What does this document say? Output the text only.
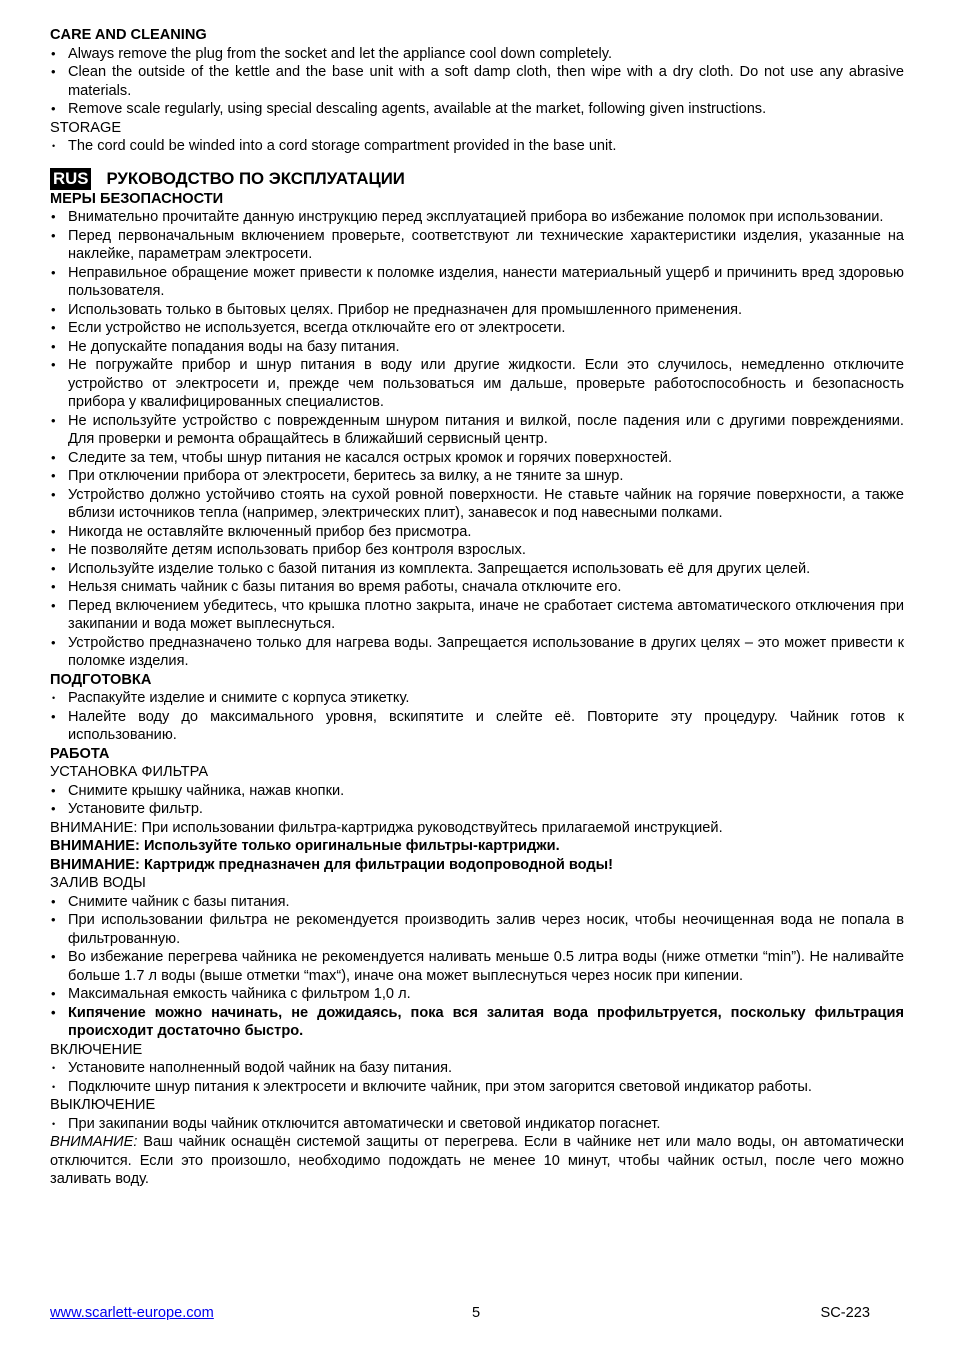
CARE AND CLEANING

• Always remove the plug from the socket and let the appliance cool down completely.
• Clean the outside of the kettle and the base unit with a soft damp cloth, then wipe with a dry cloth. Do not use any abrasive materials.
• Remove scale regularly, using special descaling agents, available at the market, following given instructions.

STORAGE

• The cord could be winded into a cord storage compartment provided in the base unit.
RUS РУКОВОДСТВО ПО ЭКСПЛУАТАЦИИ

МЕРЫ БЕЗОПАСНОСТИ

• Внимательно прочитайте данную инструкцию перед эксплуатацией прибора во избежание поломок при использовании.
• Перед первоначальным включением проверьте, соответствуют ли технические характеристики изделия, указанные на наклейке, параметрам электросети.
• Неправильное обращение может привести к поломке изделия, нанести материальный ущерб и причинить вред здоровью пользователя.
• Использовать только в бытовых целях. Прибор не предназначен для промышленного применения.
• Если устройство не используется, всегда отключайте его от электросети.
• Не допускайте попадания воды на базу питания.
• Не погружайте прибор и шнур питания в воду или другие жидкости. Если это случилось, немедленно отключите устройство от электросети и, прежде чем пользоваться им дальше, проверьте работоспособность и безопасность прибора у квалифицированных специалистов.
• Не используйте устройство с поврежденным шнуром питания и вилкой, после падения или с другими повреждениями. Для проверки и ремонта обращайтесь в ближайший сервисный центр.
• Следите за тем, чтобы шнур питания не касался острых кромок и горячих поверхностей.
• При отключении прибора от электросети, беритесь за вилку, а не тяните за шнур.
• Устройство должно устойчиво стоять на сухой ровной поверхности. Не ставьте чайник на горячие поверхности, а также вблизи источников тепла (например, электрических плит), занавесок и под навесными полками.
• Никогда не оставляйте включенный прибор без присмотра.
• Не позволяйте детям использовать прибор без контроля взрослых.
• Используйте изделие только с базой питания из комплекта. Запрещается использовать её для других целей.
• Нельзя снимать чайник с базы питания во время работы, сначала отключите его.
• Перед включением убедитесь, что крышка плотно закрыта, иначе не сработает система автоматического отключения при закипании и вода может выплеснуться.
• Устройство предназначено только для нагрева воды. Запрещается использование в других целях – это может привести к поломке изделия.

ПОДГОТОВКА

• Распакуйте изделие и снимите с корпуса этикетку.
• Налейте воду до максимального уровня, вскипятите и слейте её. Повторите эту процедуру. Чайник готов к использованию.

РАБОТА

УСТАНОВКА ФИЛЬТРА

• Снимите крышку чайника, нажав кнопки.
• Установите фильтр.

ВНИМАНИЕ: При использовании фильтра-картриджа руководствуйтесь прилагаемой инструкцией.

ВНИМАНИЕ: Используйте только оригинальные фильтры-картриджи.

ВНИМАНИЕ: Картридж предназначен для фильтрации водопроводной воды!

ЗАЛИВ ВОДЫ

• Снимите чайник с базы питания.
• При использовании фильтра не рекомендуется производить залив через носик, чтобы неочищенная вода не попала в фильтрованную.
• Во избежание перегрева чайника не рекомендуется наливать меньше 0.5 литра воды (ниже отметки “min”). Не наливайте больше 1.7 л воды (выше отметки “max“), иначе она может выплеснуться через носик при кипении.
• Максимальная емкость чайника с фильтром 1,0 л.
• Кипячение можно начинать, не дожидаясь, пока вся залитая вода профильтруется, поскольку фильтрация происходит достаточно быстро.

ВКЛЮЧЕНИЕ

• Установите наполненный водой чайник на базу питания.
• Подключите шнур питания к электросети и включите чайник, при этом загорится световой индикатор работы.

ВЫКЛЮЧЕНИЕ

• При закипании воды чайник отключится автоматически и световой индикатор погаснет.

ВНИМАНИЕ: Ваш чайник оснащён системой защиты от перегрева. Если в чайнике нет или мало воды, он автоматически отключится. Если это произошло, необходимо подождать не менее 10 минут, чтобы чайник остыл, после чего можно заливать воду.

www.scarlett-europe.com	5	SC-223
